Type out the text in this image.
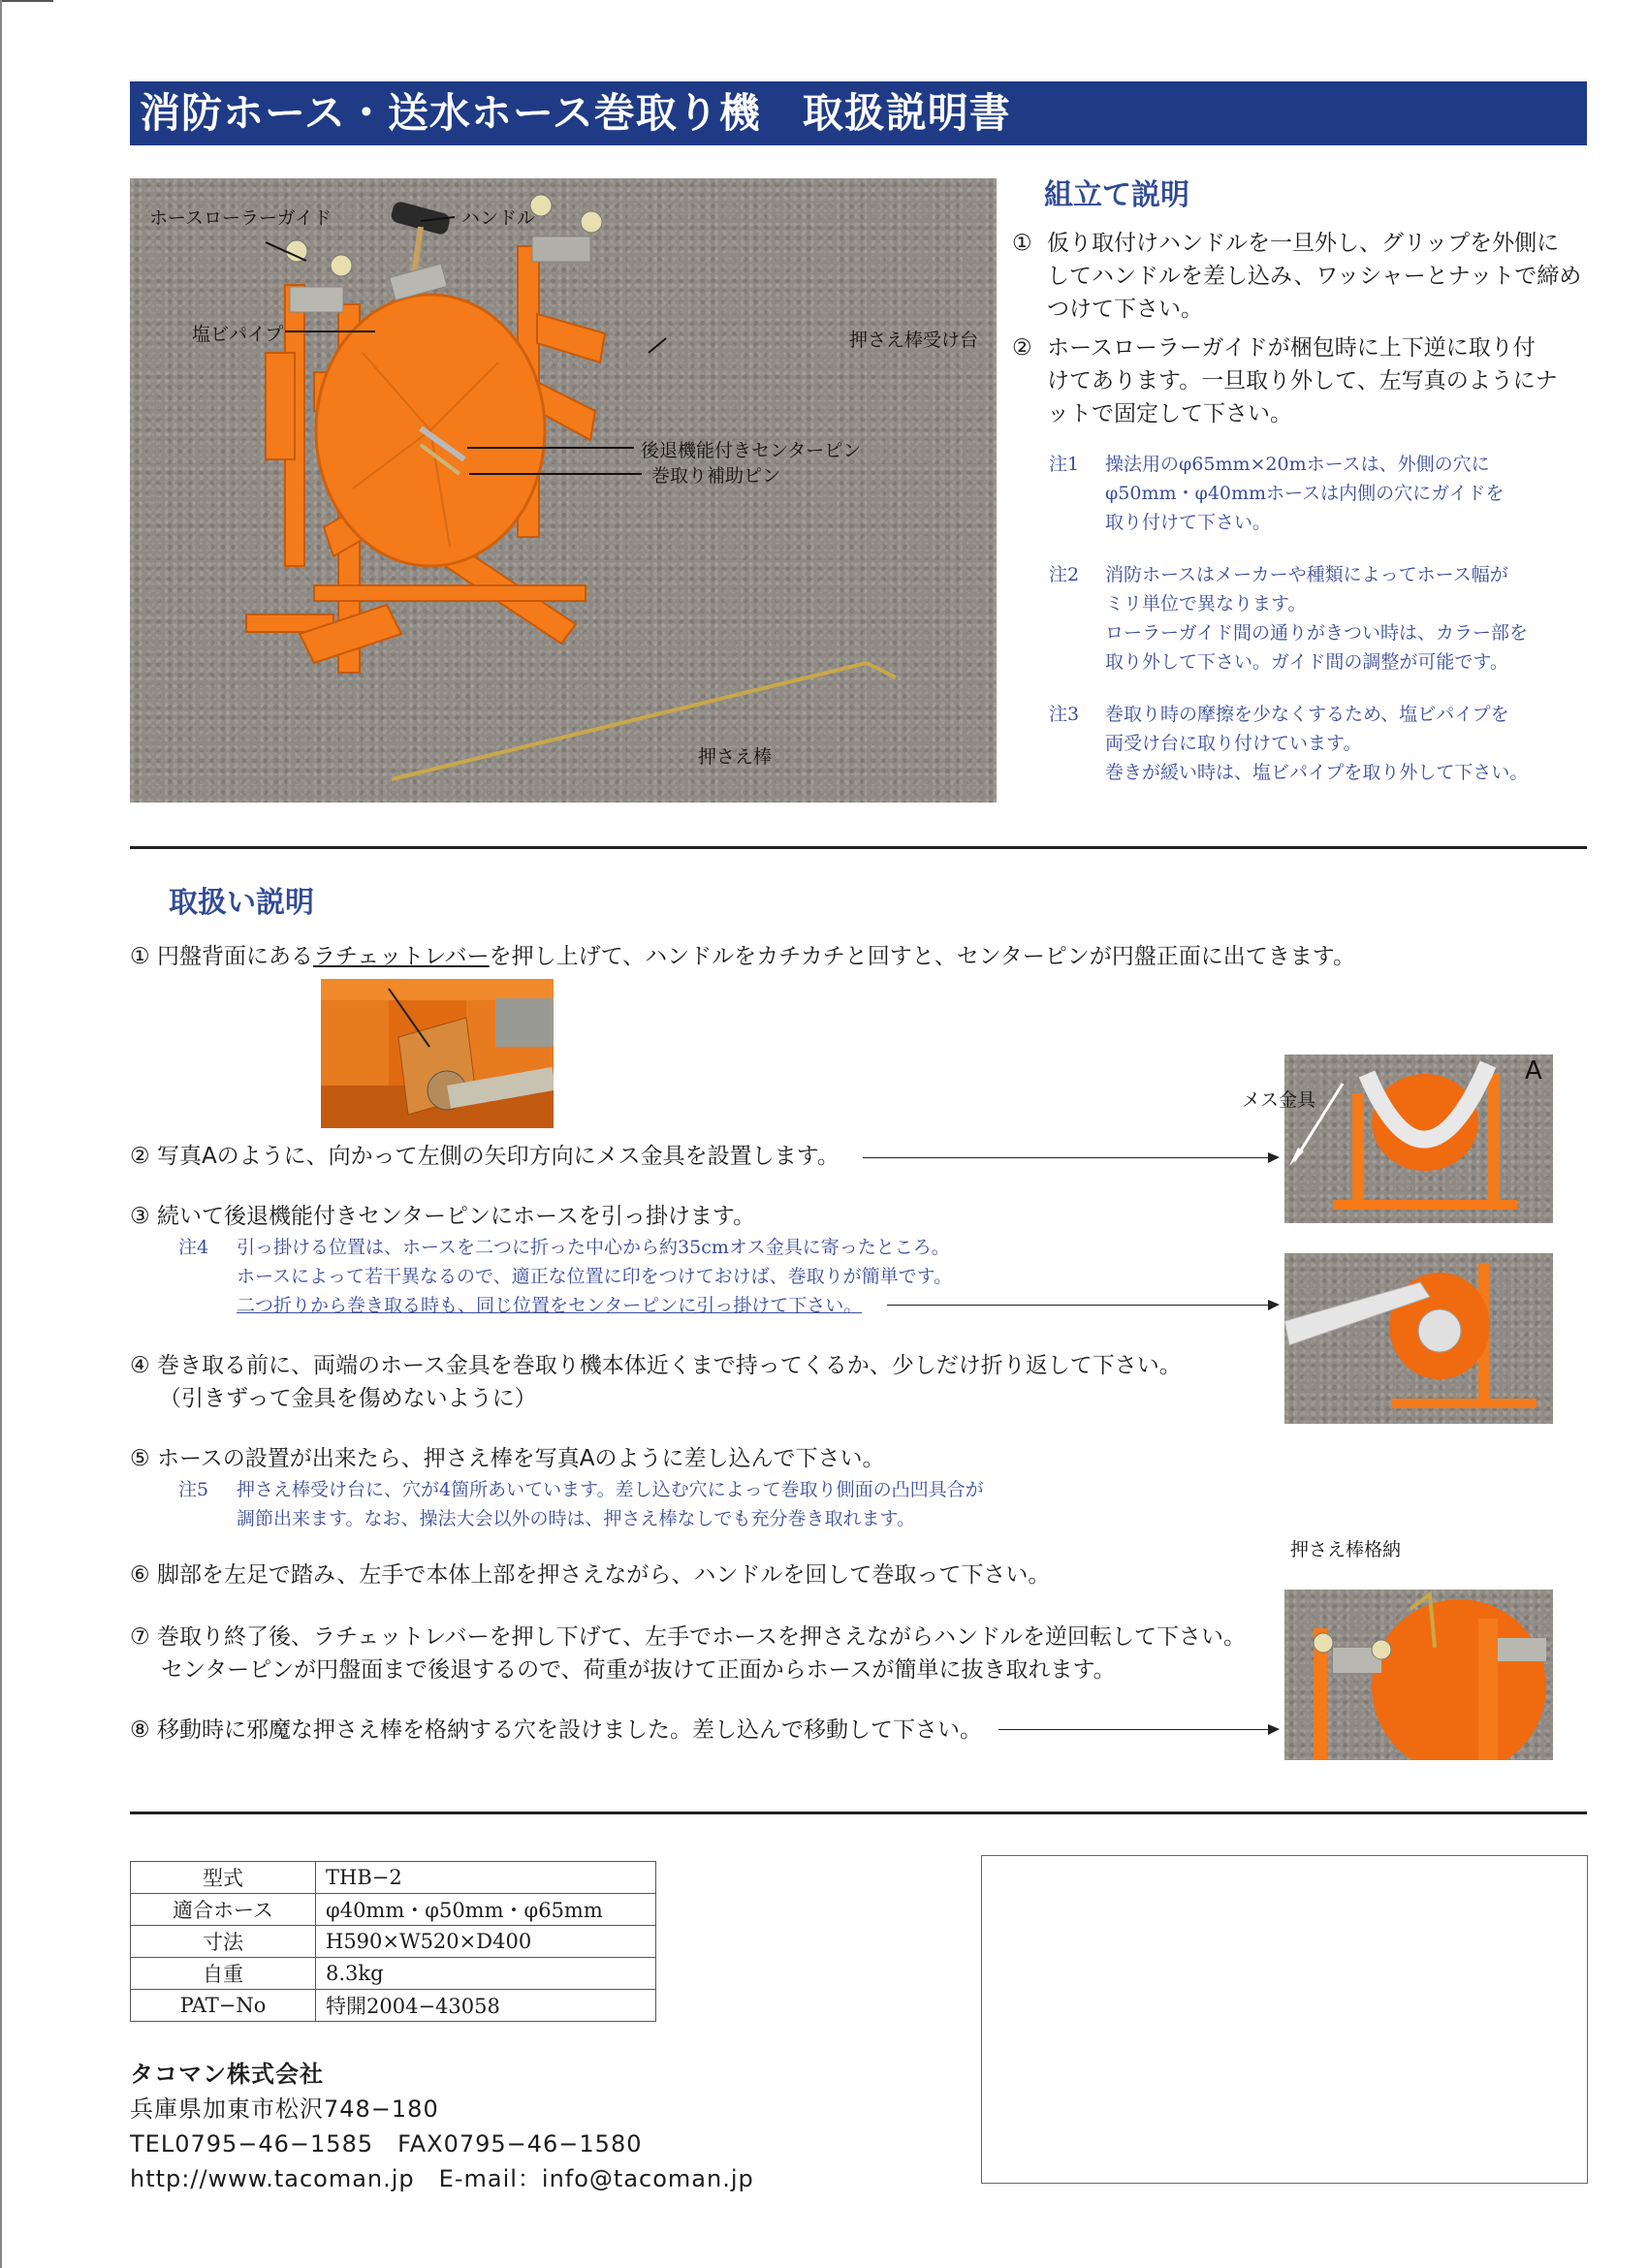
消防ホース・送水ホース巻取り機　取扱説明書
ホースローラーガイド	ハンドル
塩ビパイプ	押さえ棒受け台
後退機能付きセンターピン
巻取り補助ピン
押さえ棒
組立て説明
① 仮り取付けハンドルを一旦外し、グリップを外側に
してハンドルを差し込み、ワッシャーとナットで締め
つけて下さい。
② ホースローラーガイドが梱包時に上下逆に取り付
けてあります。一旦取り外して、左写真のようにナ
ットで固定して下さい。
注1 操法用のφ65mm×20mホースは、外側の穴に
φ50mm・φ40mmホースは内側の穴にガイドを
取り付けて下さい。
注2 消防ホースはメーカーや種類によってホース幅が
ミリ単位で異なります。
ローラーガイド間の通りがきつい時は、カラー部を
取り外して下さい。ガイド間の調整が可能です。
注3 巻取り時の摩擦を少なくするため、塩ビパイプを
両受け台に取り付けています。
巻きが緩い時は、塩ビパイプを取り外して下さい。
取扱い説明
① 円盤背面にあるラチェットレバーを押し上げて、ハンドルをカチカチと回すと、センターピンが円盤正面に出てきます。
② 写真Aのように、向かって左側の矢印方向にメス金具を設置します。
③ 続いて後退機能付きセンターピンにホースを引っ掛けます。
注4 引っ掛ける位置は、ホースを二つに折った中心から約35cmオス金具に寄ったところ。
ホースによって若干異なるので、適正な位置に印をつけておけば、巻取りが簡単です。
二つ折りから巻き取る時も、同じ位置をセンターピンに引っ掛けて下さい。
④ 巻き取る前に、両端のホース金具を巻取り機本体近くまで持ってくるか、少しだけ折り返して下さい。
（引きずって金具を傷めないように）
⑤ ホースの設置が出来たら、押さえ棒を写真Aのように差し込んで下さい。
注5 押さえ棒受け台に、穴が4箇所あいています。差し込む穴によって巻取り側面の凸凹具合が
調節出来ます。なお、操法大会以外の時は、押さえ棒なしでも充分巻き取れます。
⑥ 脚部を左足で踏み、左手で本体上部を押さえながら、ハンドルを回して巻取って下さい。
⑦ 巻取り終了後、ラチェットレバーを押し下げて、左手でホースを押さえながらハンドルを逆回転して下さい。
センターピンが円盤面まで後退するので、荷重が抜けて正面からホースが簡単に抜き取れます。
⑧ 移動時に邪魔な押さえ棒を格納する穴を設けました。差し込んで移動して下さい。
A
メス金具
押さえ棒格納
型式	THB−2
適合ホース	φ40mm・φ50mm・φ65mm
寸法	H590×W520×D400
自重	8.3kg
PAT−No	特開2004−43058
タコマン株式会社
兵庫県加東市松沢748−180
TEL0795−46−1585　FAX0795−46−1580
http://www.tacoman.jp　E-mail：info@tacoman.jp
